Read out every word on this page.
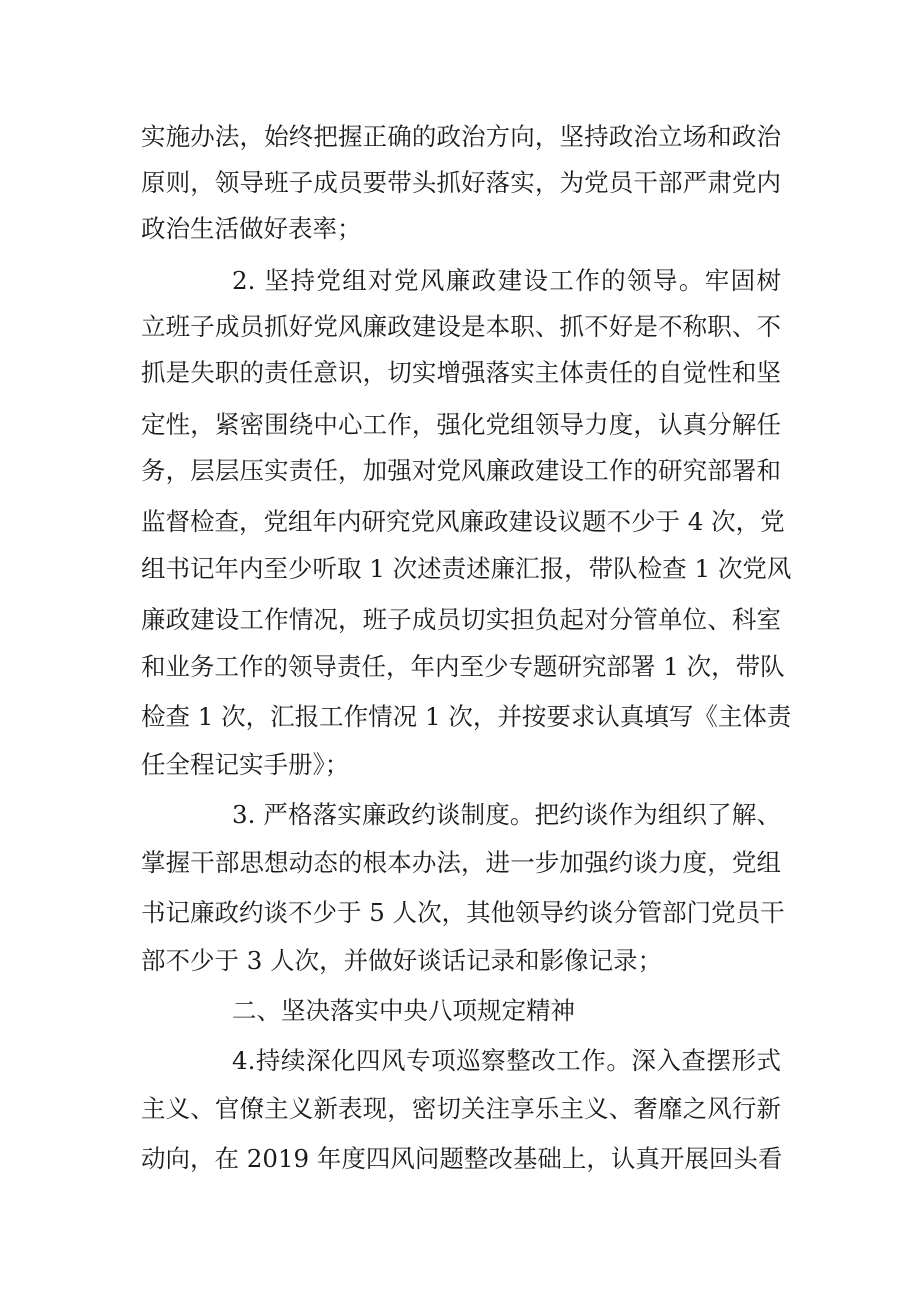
实施办法，始终把握正确的政治方向，坚持政治立场和政治
原则，领导班子成员要带头抓好落实，为党员干部严肃党内
政治生活做好表率；
2. 坚持党组对党风廉政建设工作的领导。牢固树
立班子成员抓好党风廉政建设是本职、抓不好是不称职、不
抓是失职的责任意识，切实增强落实主体责任的自觉性和坚
定性，紧密围绕中心工作，强化党组领导力度，认真分解任
务，层层压实责任，加强对党风廉政建设工作的研究部署和
监督检查，党组年内研究党风廉政建设议题不少于 4 次，党
组书记年内至少听取 1 次述责述廉汇报，带队检查 1 次党风
廉政建设工作情况，班子成员切实担负起对分管单位、科室
和业务工作的领导责任，年内至少专题研究部署 1 次，带队
检查 1 次，汇报工作情况 1 次，并按要求认真填写《主体责
任全程记实手册》；
3. 严格落实廉政约谈制度。把约谈作为组织了解、
掌握干部思想动态的根本办法，进一步加强约谈力度，党组
书记廉政约谈不少于 5 人次，其他领导约谈分管部门党员干
部不少于 3 人次，并做好谈话记录和影像记录；
二、坚决落实中央八项规定精神
4.持续深化四风专项巡察整改工作。深入查摆形式
主义、官僚主义新表现，密切关注享乐主义、奢靡之风行新
动向，在 2019 年度四风问题整改基础上，认真开展回头看
